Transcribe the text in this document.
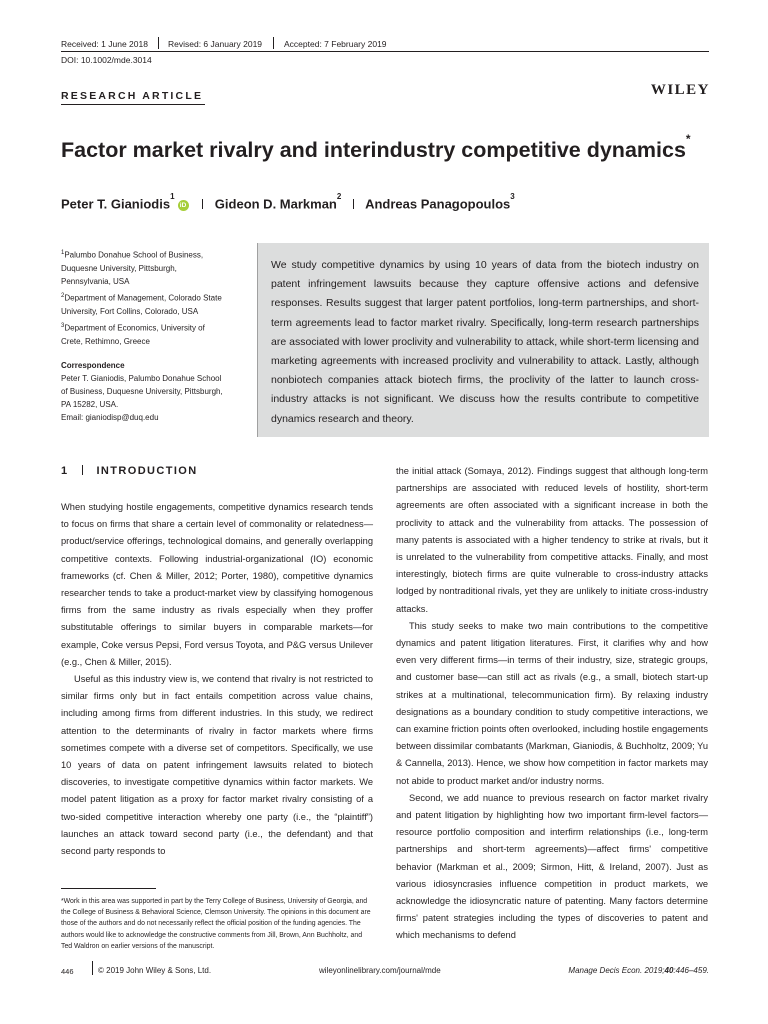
Received: 1 June 2018 Revised: 6 January 2019	Accepted: 7 February 2019
DOI: 10.1002/mde.3014
RESEARCH ARTICLE	WILEY
Factor market rivalry and interindustry competitive dynamics*
Peter T. Gianiodis$^1$iD Gideon D. Markman$^2$ Andreas Panagopoulos$^3$
$^1$Palumbo Donahue School of Business,
Duquesne University, Pittsburgh,
Pennsylvania, USA
$^2$Department of Management, Colorado State
University, Fort Collins, Colorado, USA
$^3$Department of Economics, University of
Crete, Rethimno, Greece
Correspondence
Peter T. Gianiodis, Palumbo Donahue School
of Business, Duquesne University, Pittsburgh,
PA 15282, USA.
Email: gianiodisp@duq.edu
We study competitive dynamics by using 10 years of data from the biotech industry on patent infringement lawsuits because they capture offensive actions and defensive responses. Results suggest that larger patent portfolios, long-term partnerships, and short-term agreements lead to factor market rivalry. Specifically, long-term research partnerships are associated with lower proclivity and vulnerability to attack, while short-term licensing and marketing agreements with increased proclivity and vulnerability to attack. Lastly, although nonbiotech companies attack biotech firms, the proclivity of the latter to launch cross-industry attacks is not significant. We discuss how the results contribute to competitive dynamics research and theory.
1	INTRODUCTION

When studying hostile engagements, competitive dynamics research tends to focus on firms that share a certain level of commonality or relatedness—product/service offerings, technological domains, and generally overlapping competitive contexts. Following industrial-organizational (IO) economic frameworks (cf. Chen & Miller, 2012; Porter, 1980), competitive dynamics researcher tends to take a product-market view by classifying homogenous firms from the same industry as rivals especially when they proffer substitutable offerings to similar buyers in comparable markets—for example, Coke versus Pepsi, Ford versus Toyota, and P&G versus Unilever (e.g., Chen & Miller, 2015).

Useful as this industry view is, we contend that rivalry is not restricted to similar firms only but in fact entails competition across value chains, including among firms from different industries. In this study, we redirect attention to the determinants of rivalry in factor markets where firms sometimes compete with a diverse set of competitors. Specifically, we use 10 years of data on patent infringement lawsuits related to biotech discoveries, to investigate competitive dynamics within factor markets. We model patent litigation as a proxy for factor market rivalry consisting of a two-sided competitive interaction whereby one party (i.e., the “plaintiff”) launches an attack toward second party (i.e., the defendant) and that second party responds to

the initial attack (Somaya, 2012). Findings suggest that although long-term partnerships are associated with reduced levels of hostility, short-term agreements are often associated with a significant increase in both the proclivity to attack and the vulnerability from attacks. The possession of many patents is associated with a higher tendency to strike at rivals, but it is unrelated to the vulnerability from competitive attacks. Finally, and most interestingly, biotech firms are quite vulnerable to cross-industry attacks lodged by nontraditional rivals, yet they are unlikely to initiate cross-industry attacks.

This study seeks to make two main contributions to the competitive dynamics and patent litigation literatures. First, it clarifies why and how even very different firms—in terms of their industry, size, strategic groups, and customer base—can still act as rivals (e.g., a small, biotech start-up strikes at a multinational, telecommunication firm). By relaxing industry designations as a boundary condition to study competitive interactions, we can examine friction points often overlooked, including hostile engagements between dissimilar combatants (Markman, Gianiodis, & Buchholtz, 2009; Yu & Cannella, 2013). Hence, we show how competition in factor markets may not abide to product market and/or industry norms.

Second, we add nuance to previous research on factor market rivalry and patent litigation by highlighting how two important firm-level factors—resource portfolio composition and interfirm relationships (i.e., long-term partnerships and short-term agreements)—affect firms' competitive behavior (Markman et al., 2009; Sirmon, Hitt, & Ireland, 2007). Just as various idiosyncrasies influence competition in product markets, we acknowledge the idiosyncratic nature of patenting. Many factors determine firms' patent strategies including the types of discoveries to patent and which mechanisms to defend

*Work in this area was supported in part by the Terry College of Business, University of Georgia, and the College of Business & Behavioral Science, Clemson University. The opinions in this document are those of the authors and do not necessarily reflect the official position of the funding agencies. The authors would like to acknowledge the constructive comments from Jill, Brown, Ann Buchholtz, and Ted Waldron on earlier versions of the manuscript.
446	© 2019 John Wiley & Sons, Ltd.	wileyonlinelibrary.com/journal/mde	Manage Decis Econ. 2019;40:446–459.
